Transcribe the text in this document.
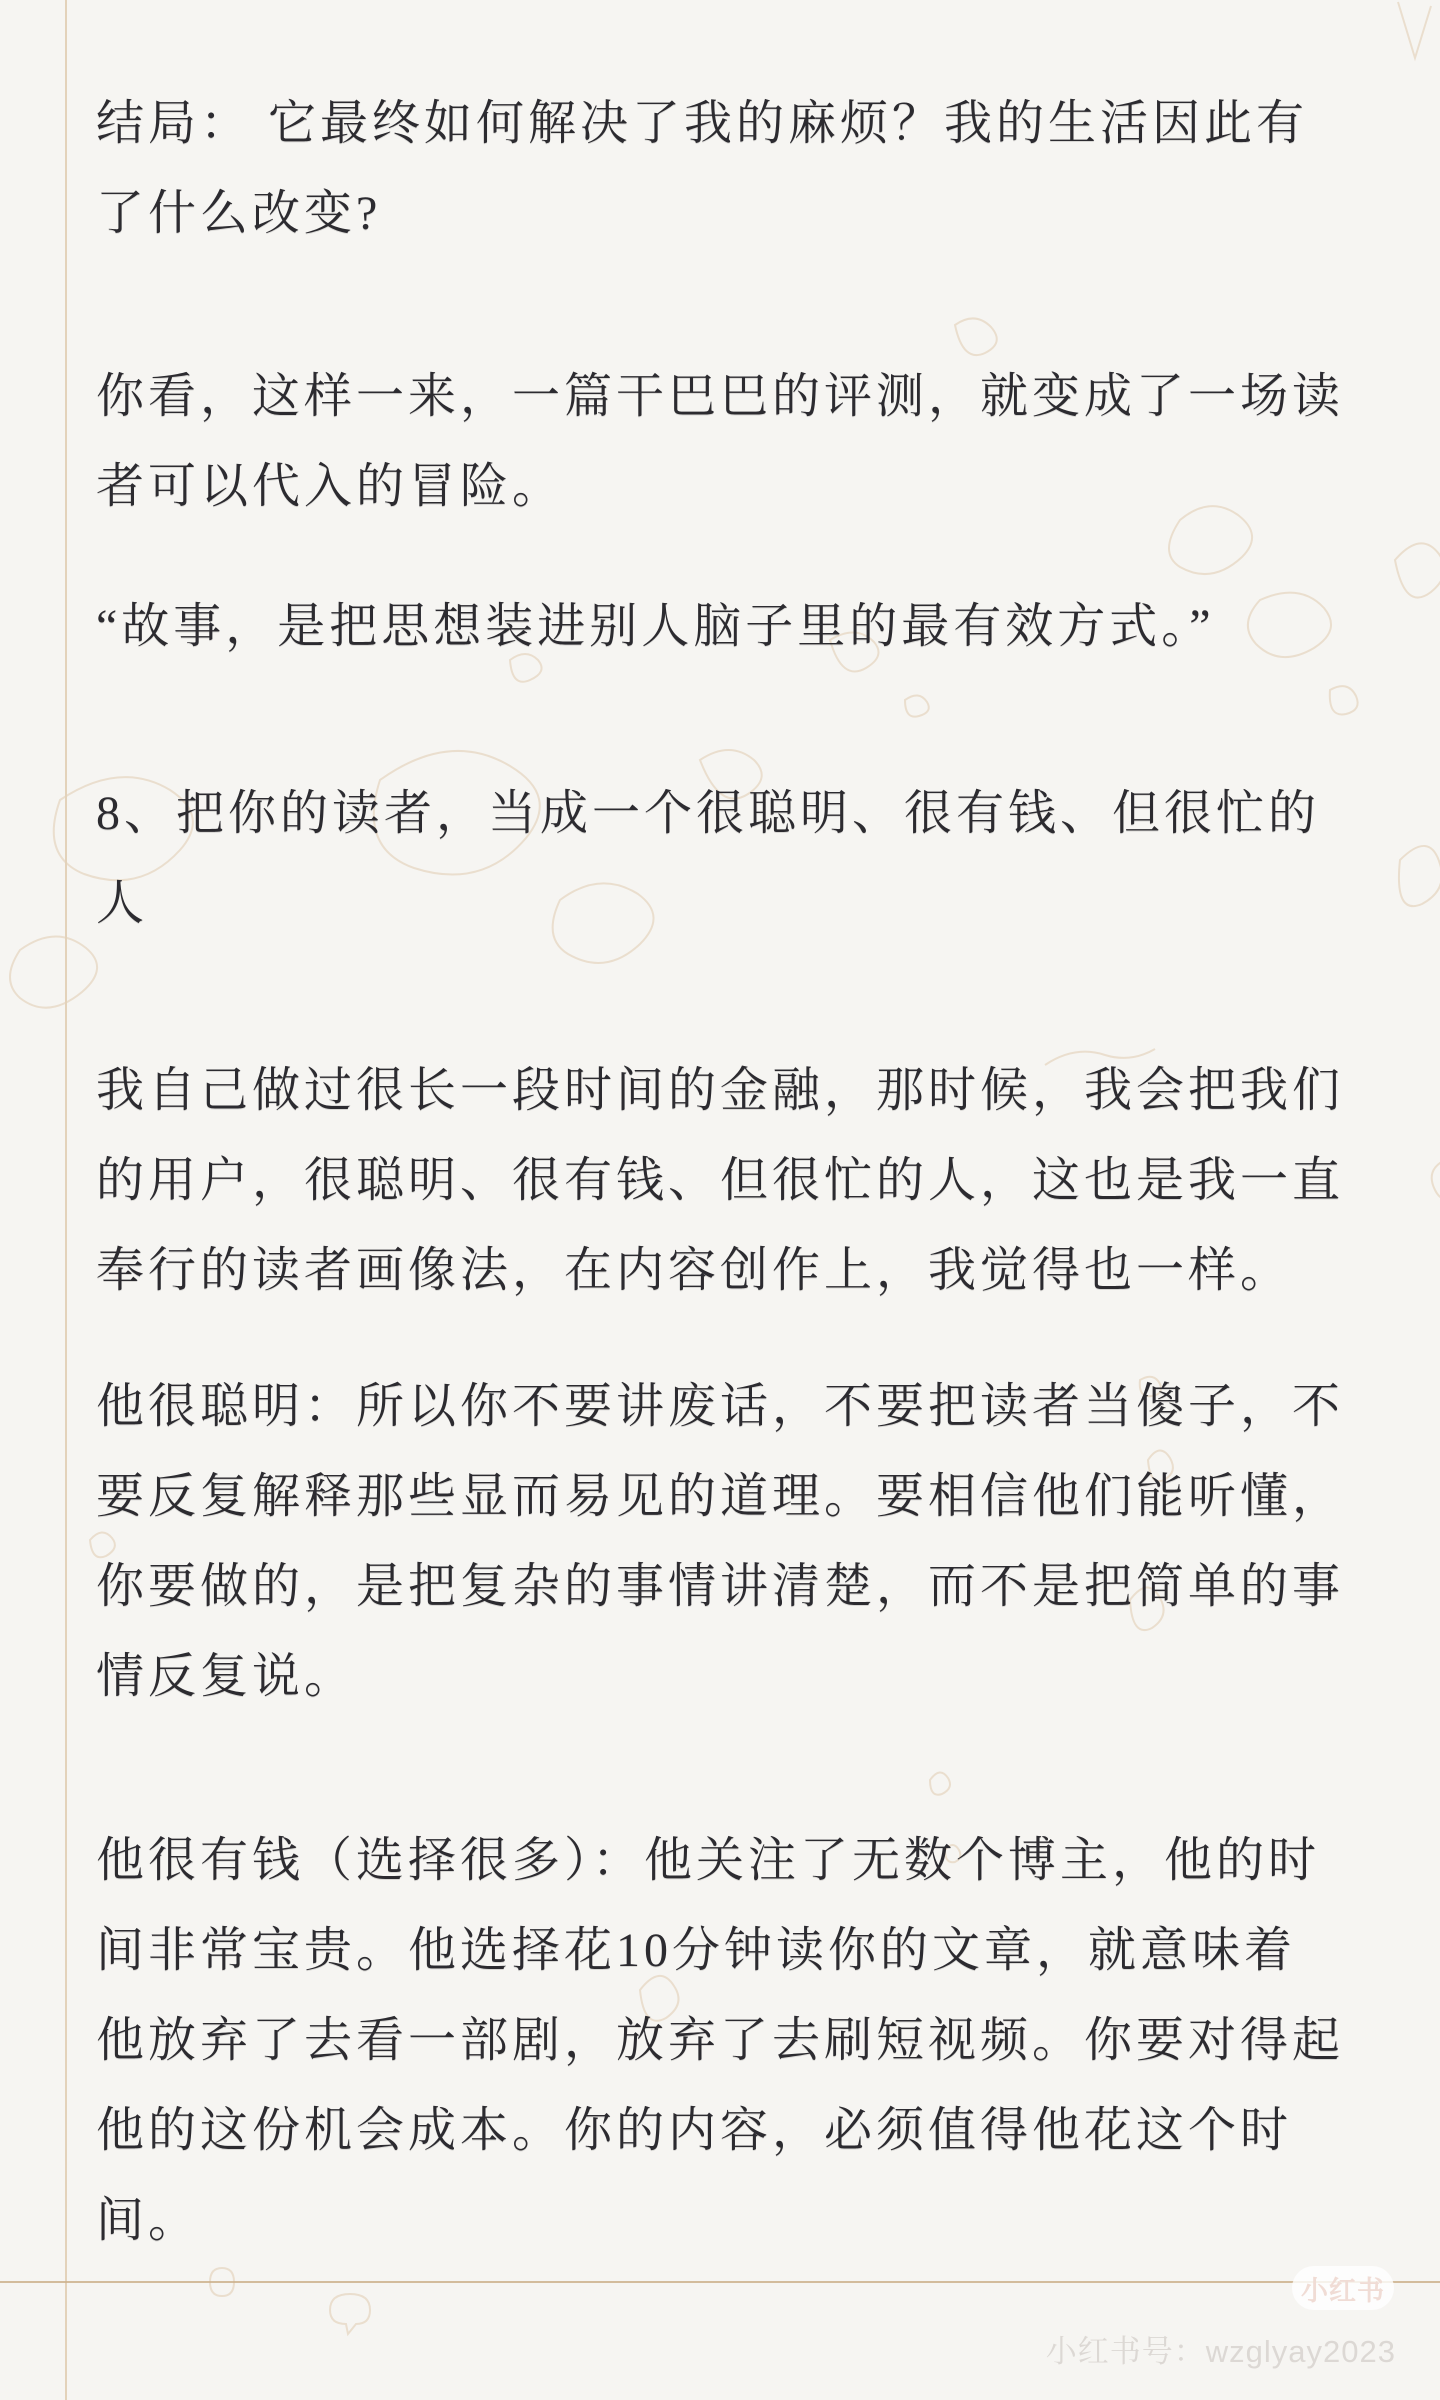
结局： 它最终如何解决了我的麻烦？我的生活因此有了什么改变?

你看，这样一来，一篇干巴巴的评测，就变成了一场读者可以代入的冒险。

“故事，是把思想装进别人脑子里的最有效方式。”

8、把你的读者，当成一个很聪明、很有钱、但很忙的人

我自己做过很长一段时间的金融，那时候，我会把我们的用户，很聪明、很有钱、但很忙的人，这也是我一直奉行的读者画像法，在内容创作上，我觉得也一样。

他很聪明：所以你不要讲废话，不要把读者当傻子，不要反复解释那些显而易见的道理。要相信他们能听懂，你要做的，是把复杂的事情讲清楚，而不是把简单的事情反复说。

他很有钱（选择很多）：他关注了无数个博主，他的时间非常宝贵。他选择花10分钟读你的文章，就意味着他放弃了去看一部剧，放弃了去刷短视频。你要对得起他的这份机会成本。你的内容，必须值得他花这个时间。

小红书
小红书号：wzglyay2023
